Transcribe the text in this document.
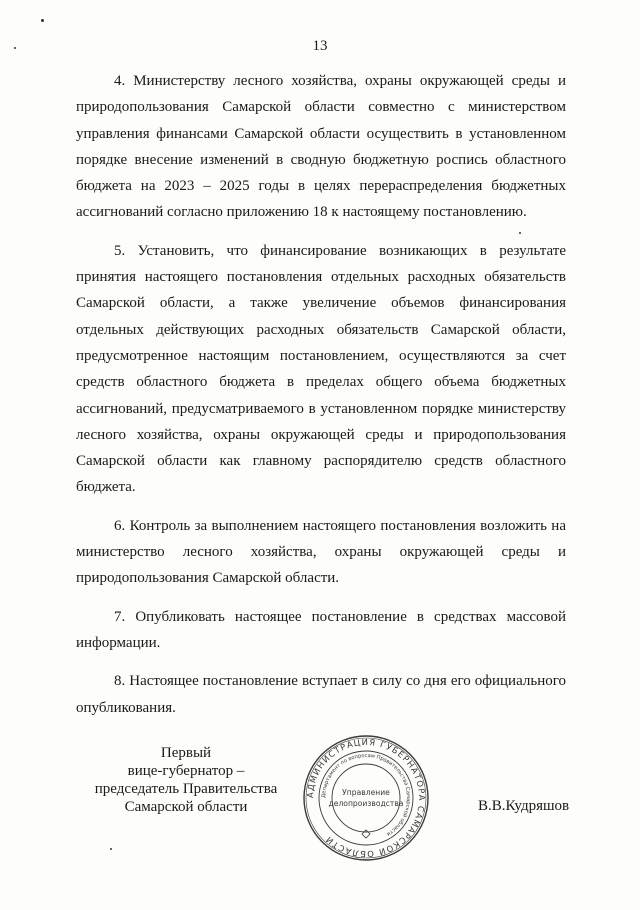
13

4. Министерству лесного хозяйства, охраны окружающей среды и природопользования Самарской области совместно с министерством управления финансами Самарской области осуществить в установленном порядке внесение изменений в сводную бюджетную роспись областного бюджета на 2023 – 2025 годы в целях перераспределения бюджетных ассигнований согласно приложению 18 к настоящему постановлению.

5. Установить, что финансирование возникающих в результате принятия настоящего постановления отдельных расходных обязательств Самарской области, а также увеличение объемов финансирования отдельных действующих расходных обязательств Самарской области, предусмотренное настоящим постановлением, осуществляются за счет средств областного бюджета в пределах общего объема бюджетных ассигнований, предусматриваемого в установленном порядке министерству лесного хозяйства, охраны окружающей среды и природопользования Самарской области как главному распорядителю средств областного бюджета.

6. Контроль за выполнением настоящего постановления возложить на министерство лесного хозяйства, охраны окружающей среды и природопользования Самарской области.

7. Опубликовать настоящее постановление в средствах массовой информации.

8. Настоящее постановление вступает в силу со дня его официального опубликования.

Первый
вице-губернатор –
председатель Правительства
Самарской области
АДМИНИСТРАЦИЯ ГУБЕРНАТОРА САМАРСКОЙ ОБЛАСТИ
Департамент по вопросам Правительства Самарской области
Управление
делопроизводства	В.В.Кудряшов
